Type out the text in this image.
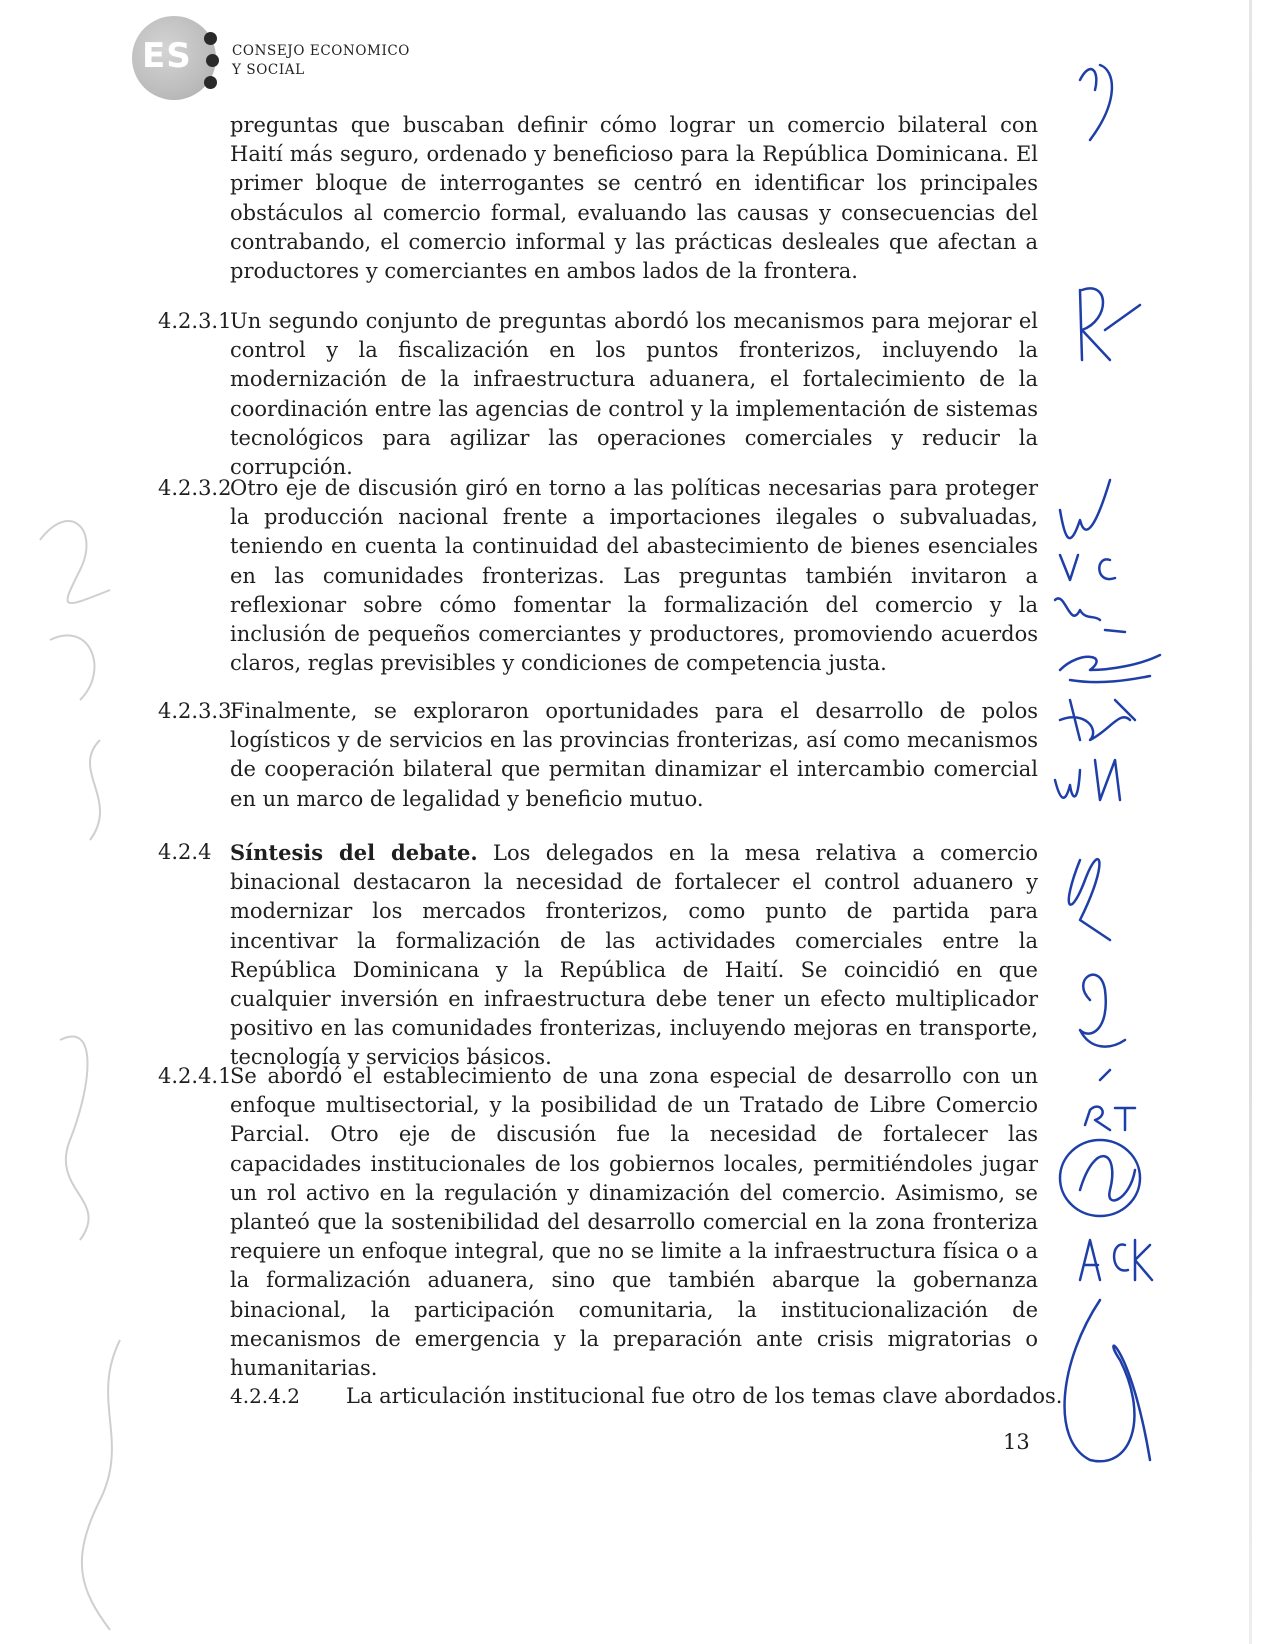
ES	CONSEJO ECONOMICO
Y SOCIAL
preguntas que buscaban definir cómo lograr un comercio bilateral con Haití más seguro, ordenado y beneficioso para la República Dominicana. El primer bloque de interrogantes se centró en identificar los principales obstáculos al comercio formal, evaluando las causas y consecuencias del contrabando, el comercio informal y las prácticas desleales que afectan a productores y comerciantes en ambos lados de la frontera.
4.2.3.1
Un segundo conjunto de preguntas abordó los mecanismos para mejorar el control y la fiscalización en los puntos fronterizos, incluyendo la modernización de la infraestructura aduanera, el fortalecimiento de la coordinación entre las agencias de control y la implementación de sistemas tecnológicos para agilizar las operaciones comerciales y reducir la corrupción.
4.2.3.2
Otro eje de discusión giró en torno a las políticas necesarias para proteger la producción nacional frente a importaciones ilegales o subvaluadas, teniendo en cuenta la continuidad del abastecimiento de bienes esenciales en las comunidades fronterizas. Las preguntas también invitaron a reflexionar sobre cómo fomentar la formalización del comercio y la inclusión de pequeños comerciantes y productores, promoviendo acuerdos claros, reglas previsibles y condiciones de competencia justa.
4.2.3.3
Finalmente, se exploraron oportunidades para el desarrollo de polos logísticos y de servicios en las provincias fronterizas, así como mecanismos de cooperación bilateral que permitan dinamizar el intercambio comercial en un marco de legalidad y beneficio mutuo.
4.2.4 Síntesis del debate. Los delegados en la mesa relativa a comercio binacional destacaron la necesidad de fortalecer el control aduanero y modernizar los mercados fronterizos, como punto de partida para incentivar la formalización de las actividades comerciales entre la República Dominicana y la República de Haití. Se coincidió en que cualquier inversión en infraestructura debe tener un efecto multiplicador positivo en las comunidades fronterizas, incluyendo mejoras en transporte, tecnología y servicios básicos.
4.2.4.1
Se abordó el establecimiento de una zona especial de desarrollo con un enfoque multisectorial, y la posibilidad de un Tratado de Libre Comercio Parcial. Otro eje de discusión fue la necesidad de fortalecer las capacidades institucionales de los gobiernos locales, permitiéndoles jugar un rol activo en la regulación y dinamización del comercio. Asimismo, se planteó que la sostenibilidad del desarrollo comercial en la zona fronteriza requiere un enfoque integral, que no se limite a la infraestructura física o a la formalización aduanera, sino que también abarque la gobernanza binacional, la participación comunitaria, la institucionalización de mecanismos de emergencia y la preparación ante crisis migratorias o humanitarias.
4.2.4.2 La articulación institucional fue otro de los temas clave abordados.
13
